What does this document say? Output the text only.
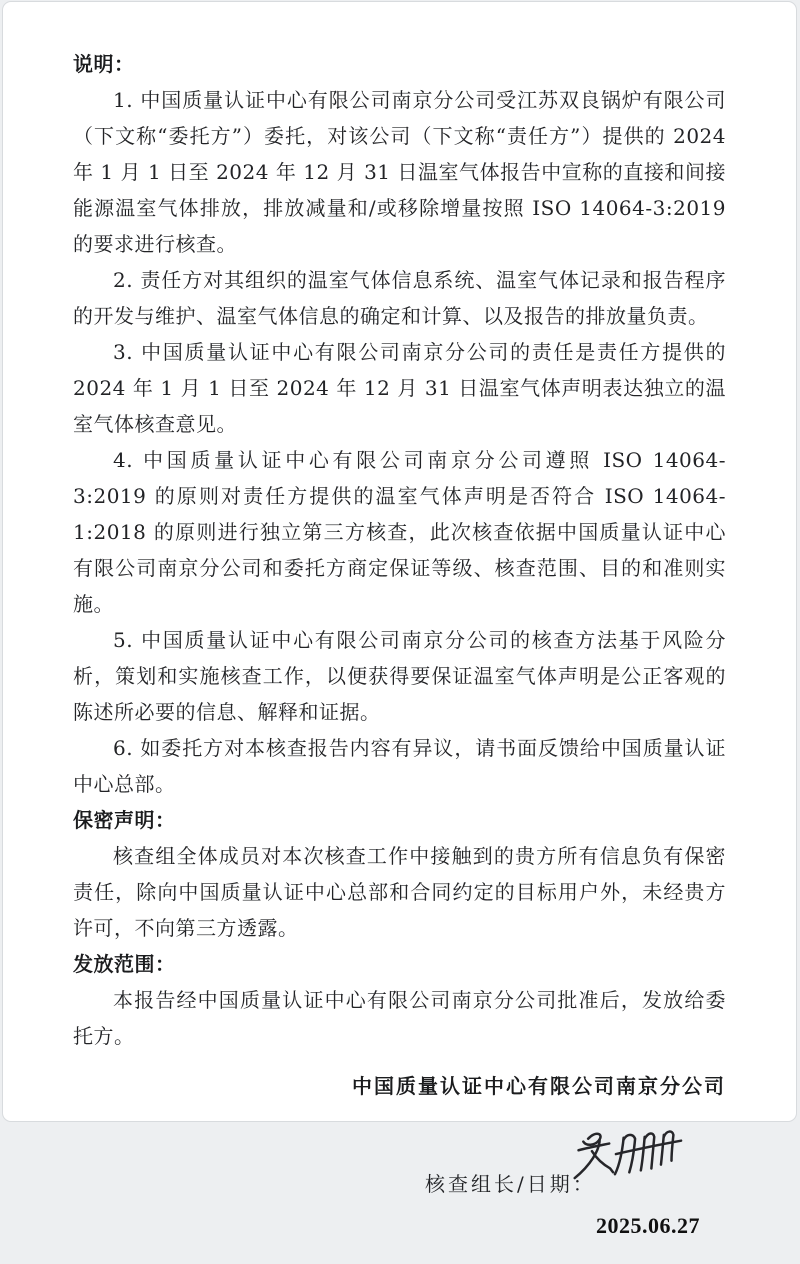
说明：

1. 中国质量认证中心有限公司南京分公司受江苏双良锅炉有限公司（下文称“委托方”）委托，对该公司（下文称“责任方”）提供的 2024 年 1 月 1 日至 2024 年 12 月 31 日温室气体报告中宣称的直接和间接能源温室气体排放，排放减量和/或移除增量按照 ISO 14064-3:2019 的要求进行核查。

2. 责任方对其组织的温室气体信息系统、温室气体记录和报告程序的开发与维护、温室气体信息的确定和计算、以及报告的排放量负责。

3. 中国质量认证中心有限公司南京分公司的责任是责任方提供的 2024 年 1 月 1 日至 2024 年 12 月 31 日温室气体声明表达独立的温室气体核查意见。

4. 中国质量认证中心有限公司南京分公司遵照 ISO 14064-3:2019 的原则对责任方提供的温室气体声明是否符合 ISO 14064-1:2018 的原则进行独立第三方核查，此次核查依据中国质量认证中心有限公司南京分公司和委托方商定保证等级、核查范围、目的和准则实施。

5. 中国质量认证中心有限公司南京分公司的核查方法基于风险分析，策划和实施核查工作，以便获得要保证温室气体声明是公正客观的陈述所必要的信息、解释和证据。

6. 如委托方对本核查报告内容有异议，请书面反馈给中国质量认证中心总部。

保密声明：

核查组全体成员对本次核查工作中接触到的贵方所有信息负有保密责任，除向中国质量认证中心总部和合同约定的目标用户外，未经贵方许可，不向第三方透露。

发放范围：

本报告经中国质量认证中心有限公司南京分公司批准后，发放给委托方。

中国质量认证中心有限公司南京分公司
核查组长/日期：
2025.06.27
